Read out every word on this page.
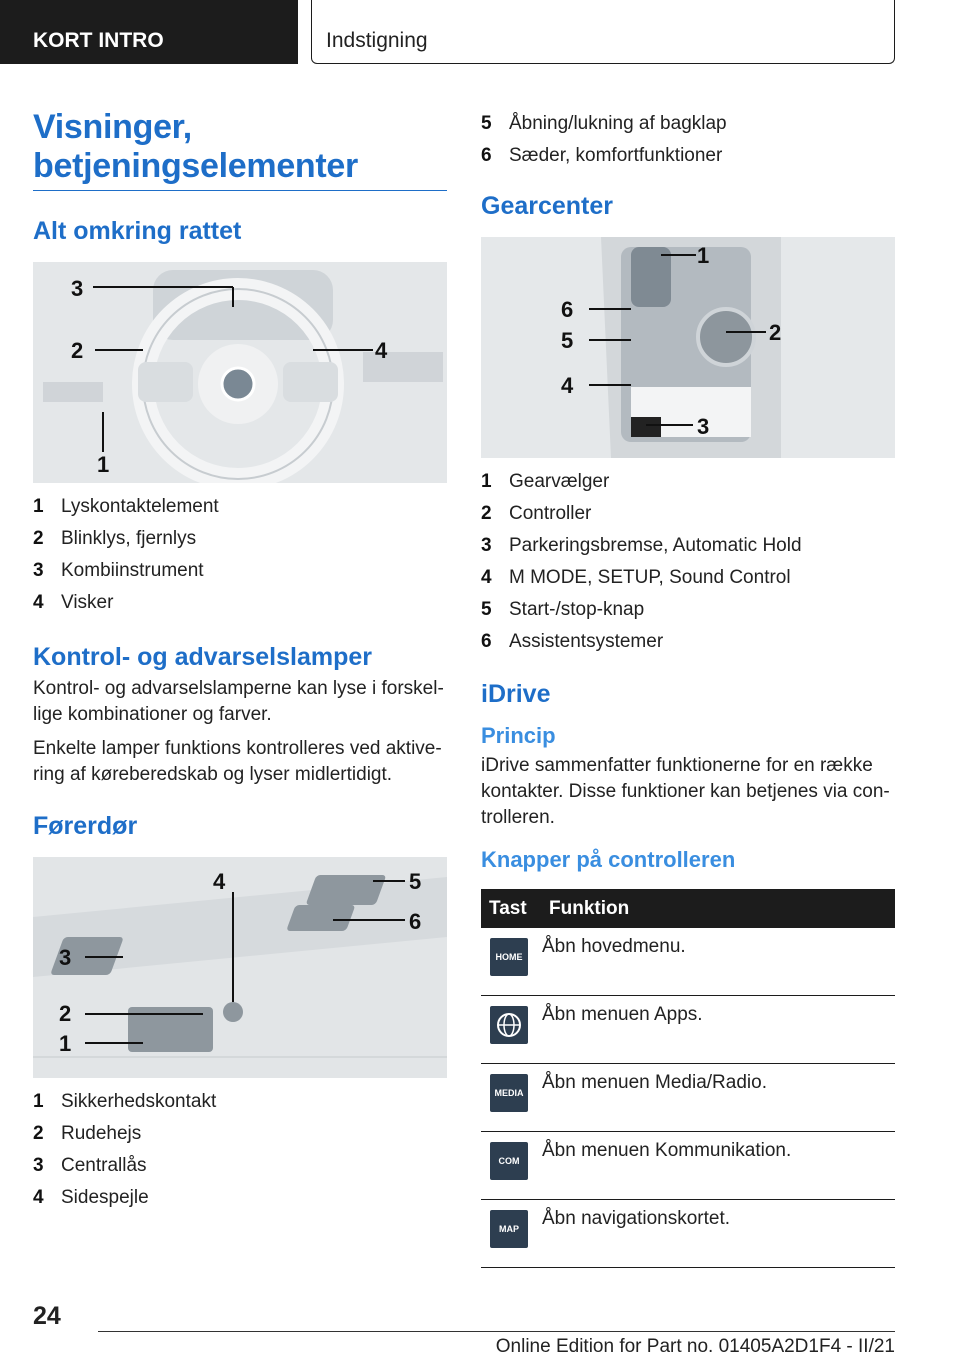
KORT INTRO	Indstigning
Visninger, betjeningselementer
Alt omkring rattet
3
2	4
1
1 Lyskontaktelement
2 Blinklys, fjernlys
3 Kombiinstrument
4 Visker
Kontrol- og advarselslamper

Kontrol- og advarselslamperne kan lyse i forskellige kombinationer og farver.

Enkelte lamper funktions kontrolleres ved aktivering af køreberedskab og lyser midlertidigt.

Førerdør
3
2
1
4	5
6
1 Sikkerhedskontakt
2 Rudehejs
3 Centrallås
4 Sidespejle
5 Åbning/lukning af bagklap
6 Sæder, komfortfunktioner
Gearcenter
1
2
3
4
5
6
1 Gearvælger
2 Controller
3 Parkeringsbremse, Automatic Hold
4 M MODE, SETUP, Sound Control
5 Start-/stop-knap
6 Assistentsystemer
iDrive
Princip

iDrive sammenfatter funktionerne for en række kontakter. Disse funktioner kan betjenes via controlleren.

Knapper på controlleren
Tast	Funktion
HOME	Åbn hovedmenu.
	Åbn menuen Apps.
MEDIA	Åbn menuen Media/Radio.
COM	Åbn menuen Kommunikation.
MAP	Åbn navigationskortet.
24
Online Edition for Part no. 01405A2D1F4 - II/21
